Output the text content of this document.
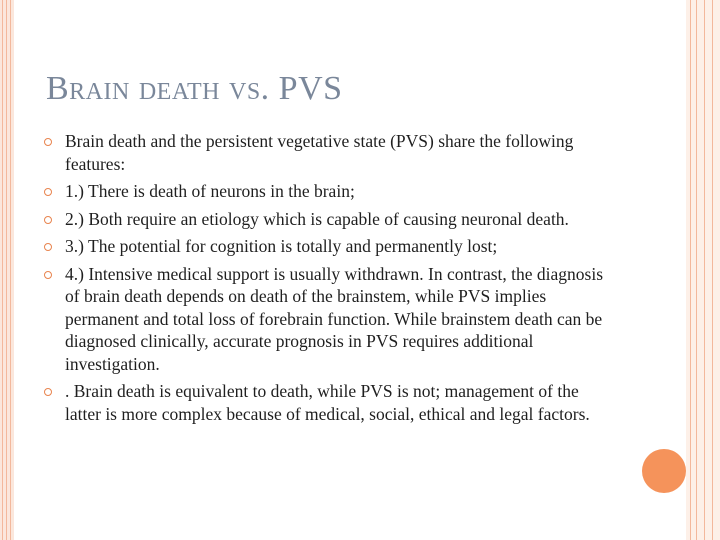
Brain death vs. PVS
Brain death and the persistent vegetative state (PVS) share the following features:
1.) There is death of neurons in the brain;
2.) Both require an etiology which is capable of causing neuronal death.
3.) The potential for cognition is totally and permanently lost;
4.) Intensive medical support is usually withdrawn. In contrast, the diagnosis of brain death depends on death of the brainstem, while PVS implies permanent and total loss of forebrain function. While brainstem death can be diagnosed clinically, accurate prognosis in PVS requires additional investigation.
. Brain death is equivalent to death, while PVS is not; management of the latter is more complex because of medical, social, ethical and legal factors.
